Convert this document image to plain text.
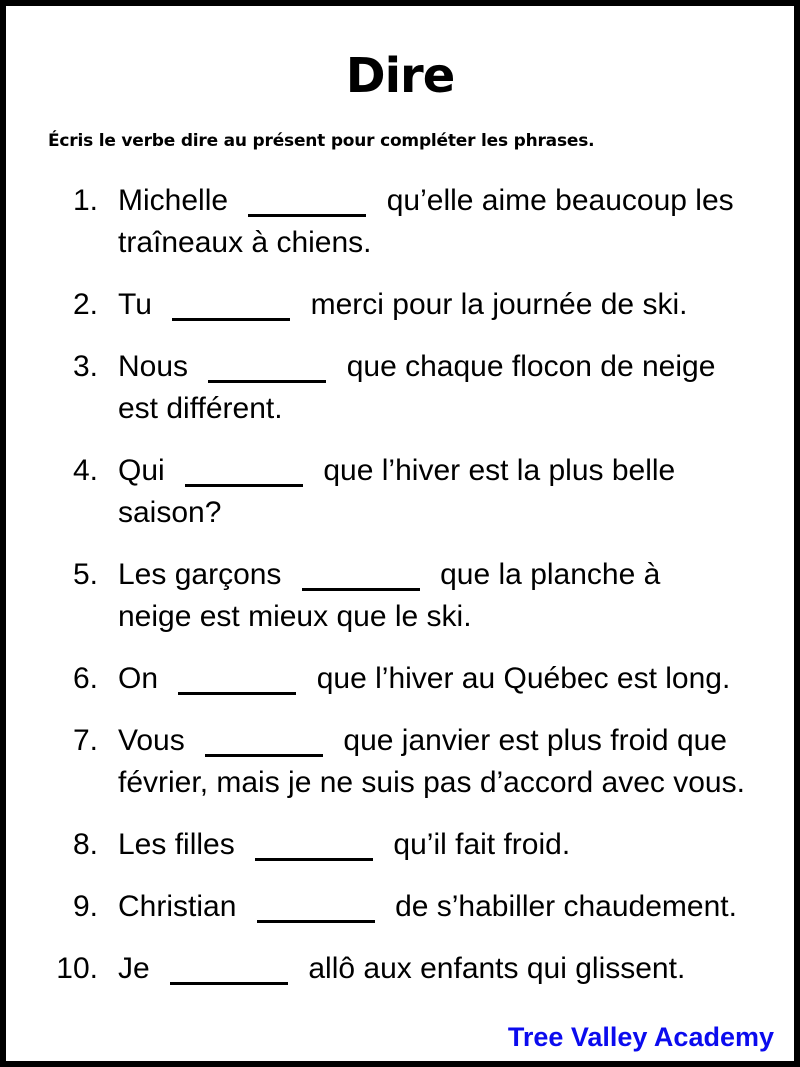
Dire

Écris le verbe dire au présent pour compléter les phrases.

1. Michelle	qu’elle aime beaucoup les
traîneaux à chiens.
2. Tu	merci pour la journée de ski.
3. Nous	que chaque flocon de neige
est différent.
4. Qui	que l’hiver est la plus belle
saison?
5. Les garçons	que la planche à
neige est mieux que le ski.
6. On	que l’hiver au Québec est long.
7. Vous	que janvier est plus froid que
février, mais je ne suis pas d’accord avec vous.
8. Les filles	qu’il fait froid.
9. Christian	de s’habiller chaudement.
10. Je	allô aux enfants qui glissent.
Tree Valley Academy
